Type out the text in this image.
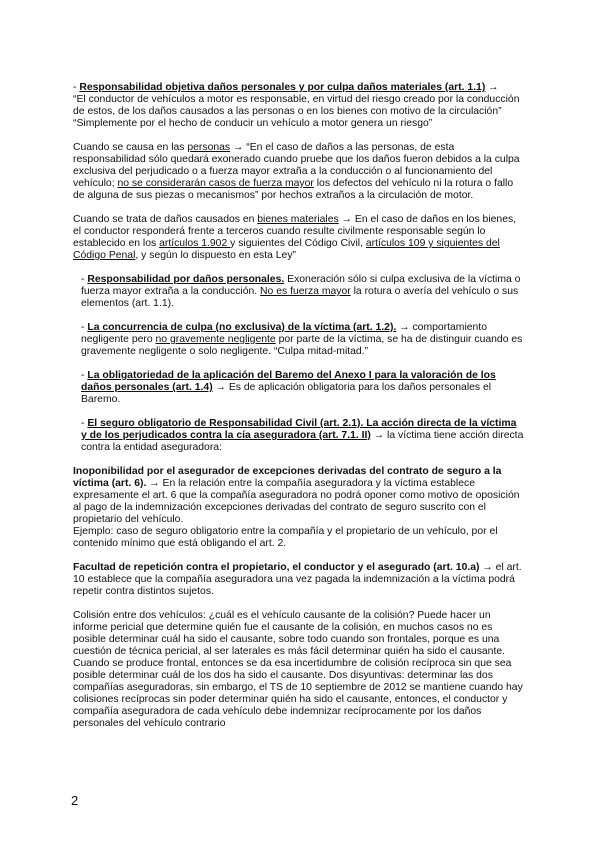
- Responsabilidad objetiva daños personales y por culpa daños materiales (art. 1.1) →
“El conductor de vehículos a motor es responsable, en virtud del riesgo creado por la conducción de estos, de los daños causados a las personas o en los bienes con motivo de la circulación”
“Simplemente por el hecho de conducir un vehículo a motor genera un riesgo”

Cuando se causa en las personas → “En el caso de daños a las personas, de esta responsabilidad sólo quedará exonerado cuando pruebe que los daños fueron debidos a la culpa exclusiva del perjudicado o a fuerza mayor extraña a la conducción o al funcionamiento del vehículo; no se considerarán casos de fuerza mayor los defectos del vehículo ni la rotura o fallo de alguna de sus piezas o mecanismos” por hechos extraños a la circulación de motor.

Cuando se trata de daños causados en bienes materiales → En el caso de daños en los bienes, el conductor responderá frente a terceros cuando resulte civilmente responsable según lo establecido en los artículos 1.902 y siguientes del Código Civil, artículos 109 y siguientes del Código Penal, y según lo dispuesto en esta Ley”

- Responsabilidad por daños personales. Exoneración sólo si culpa exclusiva de la víctima o fuerza mayor extraña a la conducción. No es fuerza mayor la rotura o avería del vehículo o sus elementos (art. 1.1).

- La concurrencia de culpa (no exclusiva) de la víctima (art. 1.2). → comportamiento negligente pero no gravemente negligente por parte de la víctima, se ha de distinguir cuando es gravemente negligente o solo negligente. “Culpa mitad-mitad.”

- La obligatoriedad de la aplicación del Baremo del Anexo I para la valoración de los daños personales (art. 1.4) → Es de aplicación obligatoria para los daños personales el Baremo.

- El seguro obligatorio de Responsabilidad Civil (art. 2.1). La acción directa de la víctima y de los perjudicados contra la cía aseguradora (art. 7.1. II) → la víctima tiene acción directa contra la entidad aseguradora:

Inoponibilidad por el asegurador de excepciones derivadas del contrato de seguro a la víctima (art. 6). → En la relación entre la compañía aseguradora y la víctima establece expresamente el art. 6 que la compañía aseguradora no podrá oponer como motivo de oposición al pago de la indemnización excepciones derivadas del contrato de seguro suscrito con el propietario del vehículo.
Ejemplo: caso de seguro obligatorio entre la compañía y el propietario de un vehículo, por el contenido mínimo que está obligando el art. 2.

Facultad de repetición contra el propietario, el conductor y el asegurado (art. 10.a) → el art. 10 establece que la compañía aseguradora una vez pagada la indemnización a la víctima podrá repetir contra distintos sujetos.

Colisión entre dos vehículos: ¿cuál es el vehículo causante de la colisión? Puede hacer un informe pericial que determine quién fue el causante de la colisión, en muchos casos no es posible determinar cuál ha sido el causante, sobre todo cuando son frontales, porque es una cuestión de técnica pericial, al ser laterales es más fácil determinar quién ha sido el causante. Cuando se produce frontal, entonces se da esa incertidumbre de colisión recíproca sin que sea posible determinar cuál de los dos ha sido el causante. Dos disyuntivas: determinar las dos compañías aseguradoras, sin embargo, el TS de 10 septiembre de 2012 se mantiene cuando hay colisiones recíprocas sin poder determinar quién ha sido el causante, entonces, el conductor y compañía aseguradora de cada vehículo debe indemnizar recíprocamente por los daños personales del vehículo contrario

2
